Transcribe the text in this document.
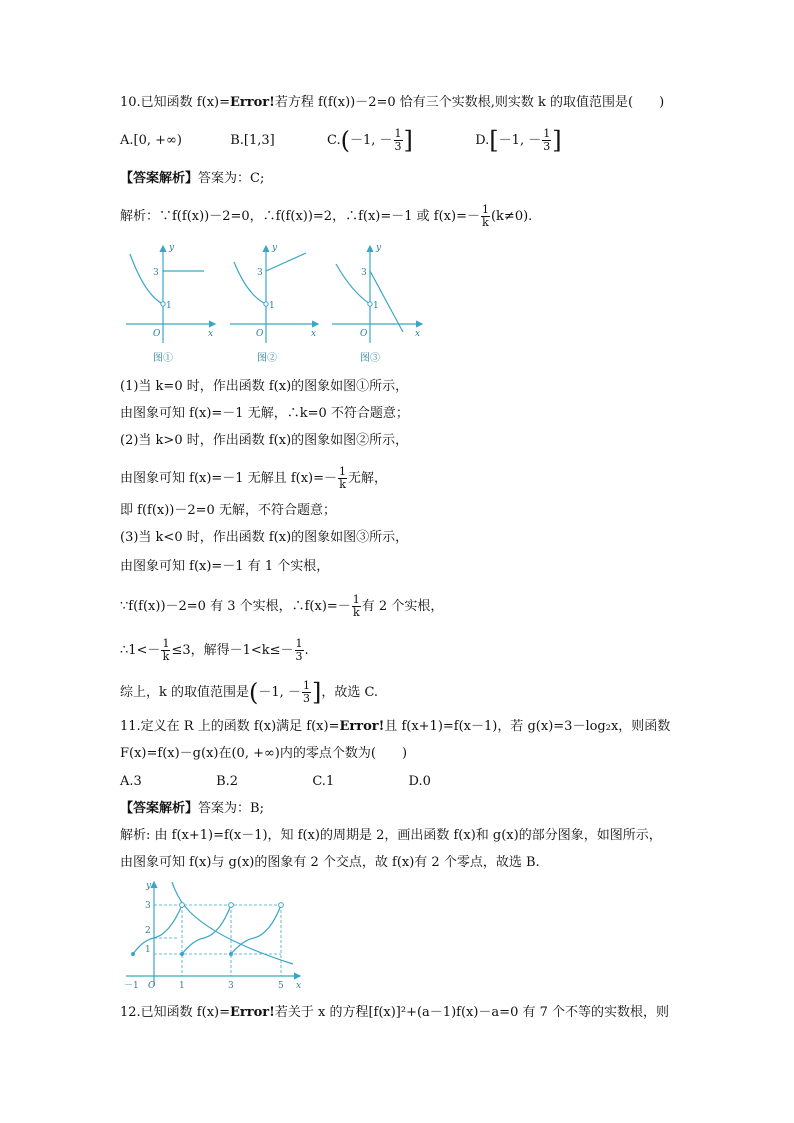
10.已知函数 f(x)=Error!若方程 f(f(x))－2=0 恰有三个实数根,则实数 k 的取值范围是(　　)
A.[0, +∞)	B.[1,3]	C.(－1, － $\frac{1}{3}$ ]	D.[－1, － $\frac{1}{3}$ ]
【答案解析】答案为：C;
解析：∵f(f(x))－2=0，∴f(f(x))=2，∴f(x)=－1 或 $f(x)=- \frac{1}{k} (k\ne 0)$.
y
3
1
O	x
图①
y
3
1
O	x
图②
y
3
1
O	x
图③
(1)当 k=0 时，作出函数 f(x)的图象如图①所示，
由图象可知 f(x)=－1 无解，∴k=0 不符合题意；
(2)当 k>0 时，作出函数 f(x)的图象如图②所示，
由图象可知 f(x)=－1 无解且 $f(x)=- \frac{1}{k}$ 无解，
即 f(f(x))－2=0 无解，不符合题意；
(3)当 k<0 时，作出函数 f(x)的图象如图③所示，
由图象可知 f(x)=－1 有 1 个实根，
∵f(f(x))－2=0 有 3 个实根，∴f(x)=－ $\frac{1}{k}$ 有 2 个实根，
∴1<－ $\frac{1}{k} \le 3$，解得$-1<k\le- \frac{1}{3}$ .
综上，k 的取值范围是(－1, － $\frac{1}{3}$ ]，故选 C.
11.定义在 R 上的函数 f(x)满足 f(x)=Error!且 f(x+1)=f(x－1)，若 g(x)=3－log₂x，则函数
F(x)=f(x)－g(x)在(0, +∞)内的零点个数为(　　)
A.3	B.2	C.1	D.0
【答案解析】答案为：B;
解析: 由 f(x+1)=f(x－1)，知 f(x)的周期是 2，画出函数 f(x)和 g(x)的部分图象，如图所示，
由图象可知 f(x)与 g(x)的图象有 2 个交点，故 f(x)有 2 个零点，故选 B.
y
3
2
1
－1 O	1	3	5 x
12.已知函数 f(x)=Error!若关于 x 的方程[f(x)]²+(a－1)f(x)－a=0 有 7 个不等的实数根，则
